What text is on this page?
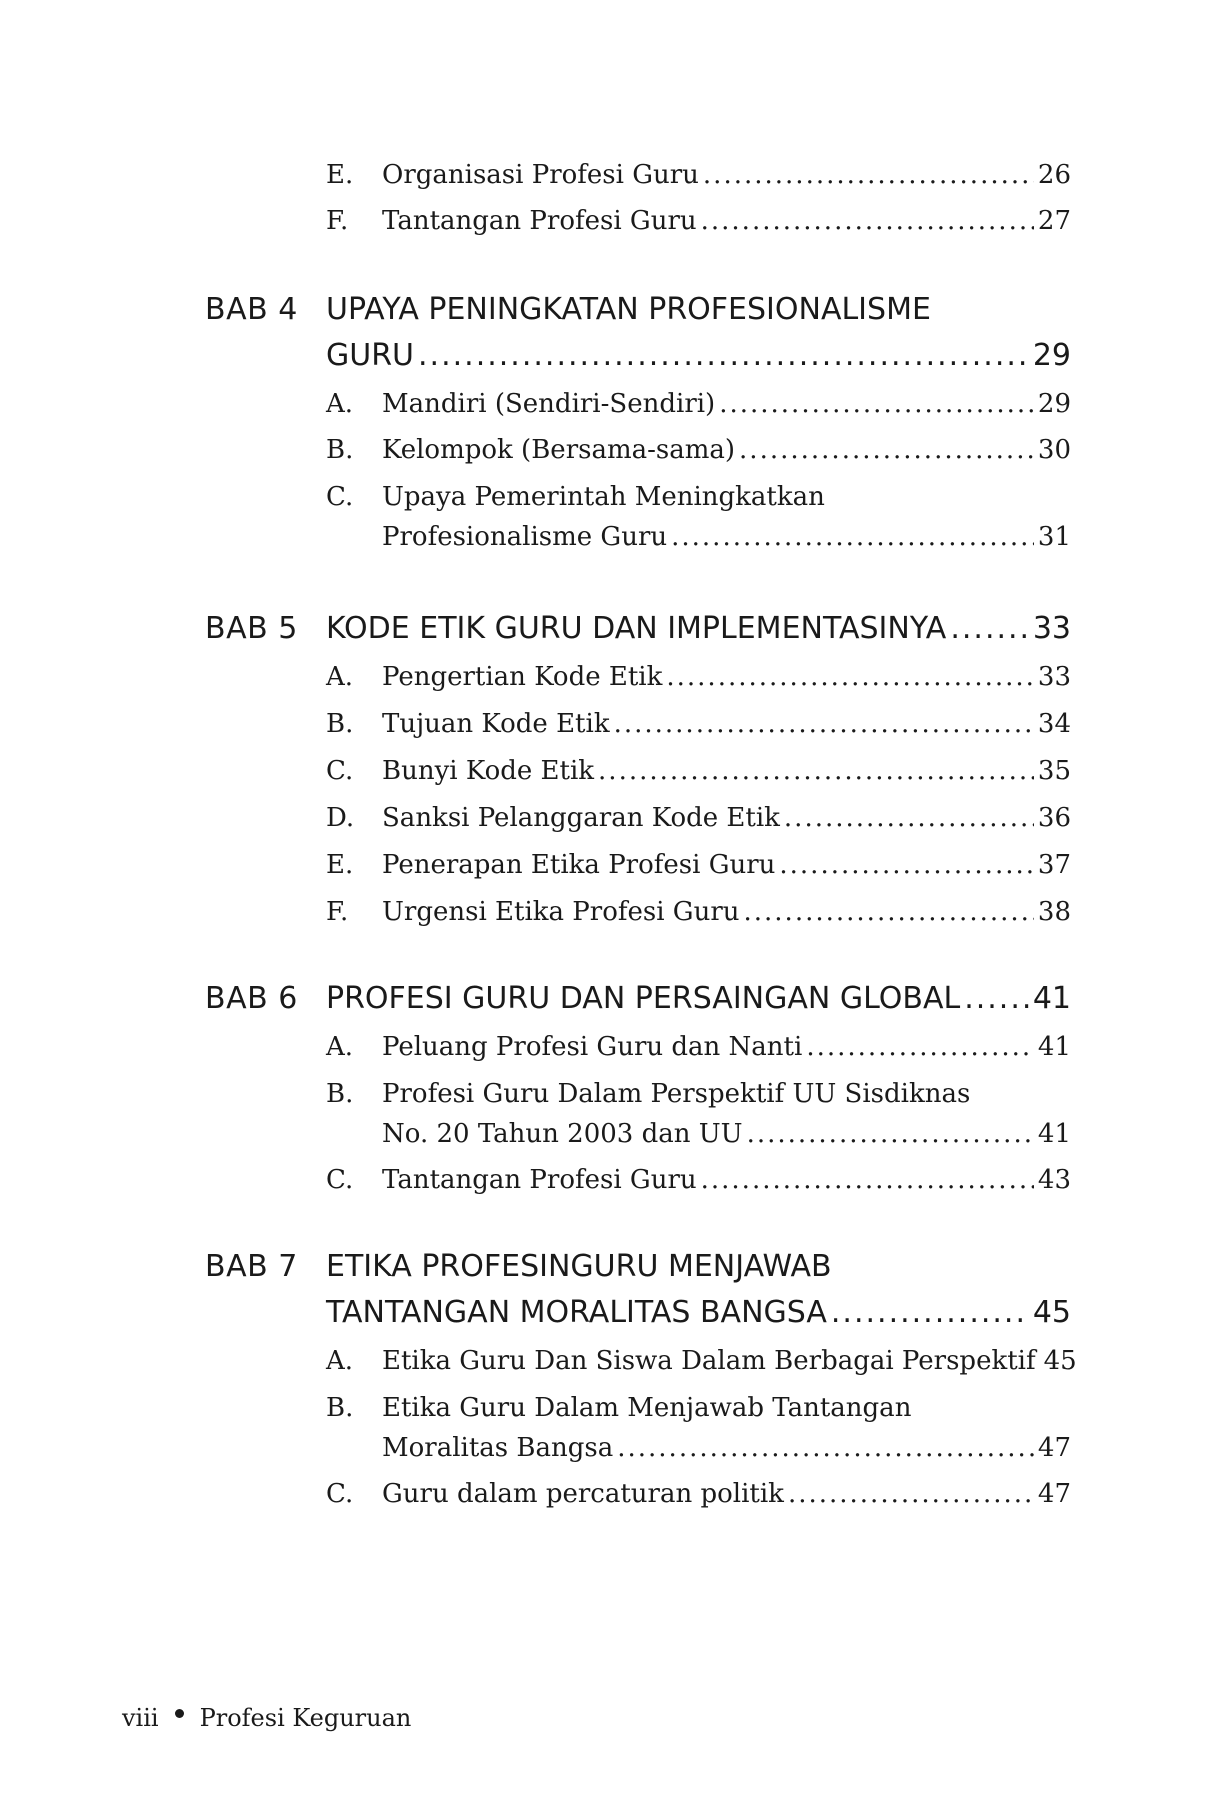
E. Organisasi Profesi Guru .....	26
F. Tantangan Profesi Guru .....	27
BAB 4 UPAYA PENINGKATAN PROFESIONALISME
GURU .....	29
A. Mandiri (Sendiri-Sendiri) .....	29
B. Kelompok (Bersama-sama) .....	30
C. Upaya Pemerintah Meningkatkan
Profesionalisme Guru .....	31
BAB 5 KODE ETIK GURU DAN IMPLEMENTASINYA .....	33
A. Pengertian Kode Etik .....	33
B. Tujuan Kode Etik .....	34
C. Bunyi Kode Etik .....	35
D. Sanksi Pelanggaran Kode Etik .....	36
E. Penerapan Etika Profesi Guru .....	37
F. Urgensi Etika Profesi Guru .....	38
BAB 6 PROFESI GURU DAN PERSAINGAN GLOBAL ..... 41
A. Peluang Profesi Guru dan Nanti .....	41
B. Profesi Guru Dalam Perspektif UU Sisdiknas
No. 20 Tahun 2003 dan UU .....	41
C. Tantangan Profesi Guru .....	43
BAB 7 ETIKA PROFESINGURU MENJAWAB
TANTANGAN MORALITAS BANGSA .....	45
A. Etika Guru Dan Siswa Dalam Berbagai Perspektif 45
B. Etika Guru Dalam Menjawab Tantangan
Moralitas Bangsa .....	47
C. Guru dalam percaturan politik .....	47
viii Profesi Keguruan
